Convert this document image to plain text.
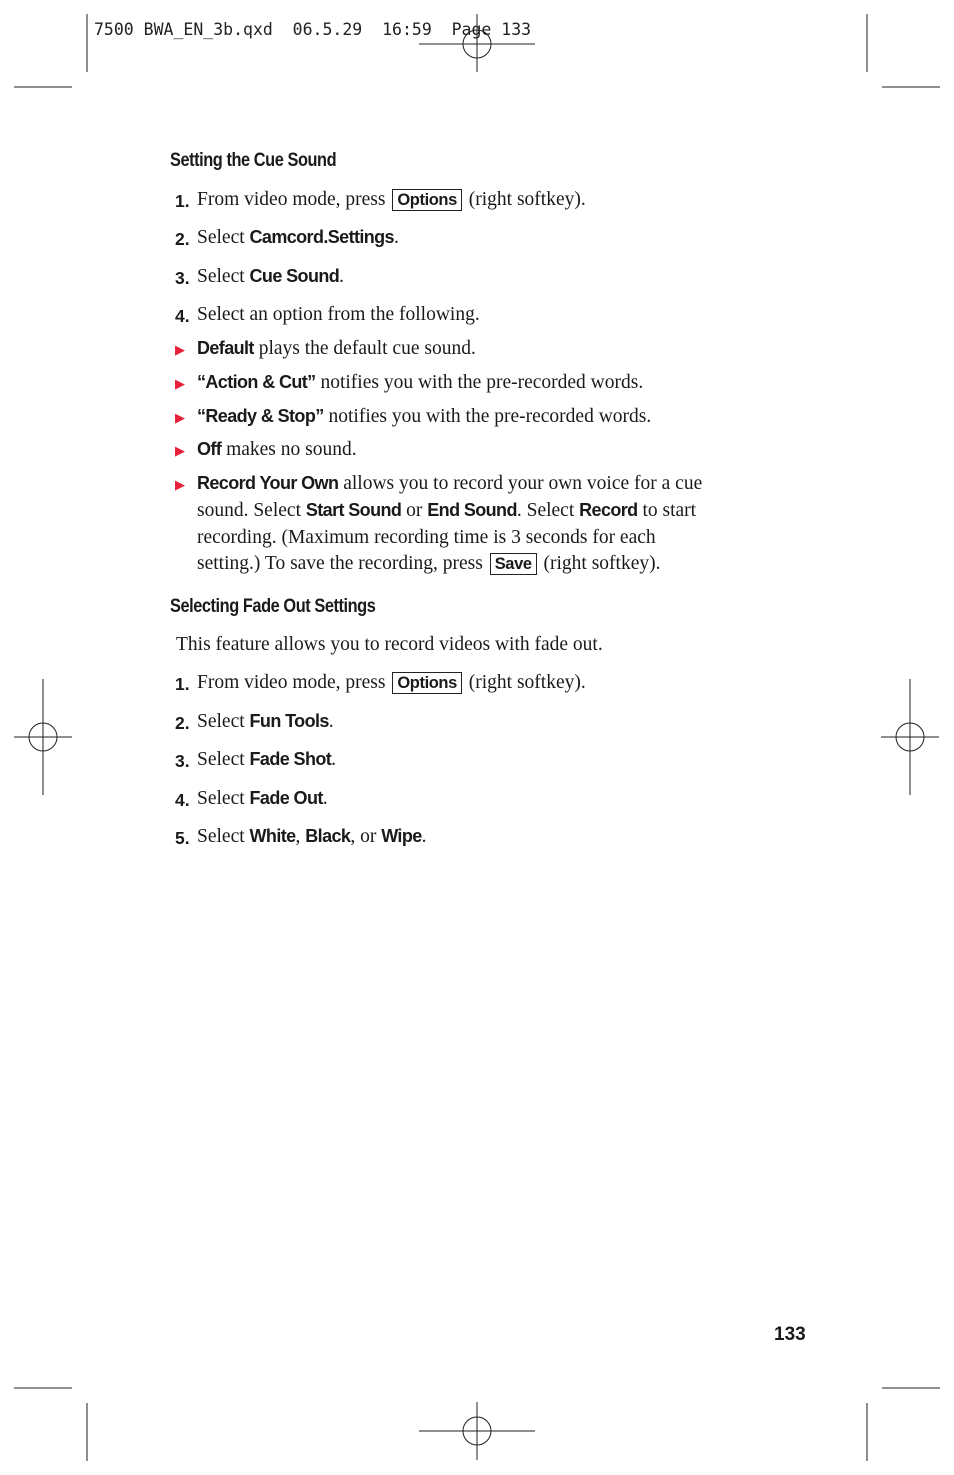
7500 BWA_EN_3b.qxd  06.5.29  16:59  Page 133
Setting the Cue Sound
1. From video mode, press Options (right softkey).
2. Select Camcord.Settings.
3. Select Cue Sound.
4. Select an option from the following.
▶ Default plays the default cue sound.
▶ “Action & Cut” notifies you with the pre-recorded words.
▶ “Ready & Stop” notifies you with the pre-recorded words.
▶ Off makes no sound.
▶ Record Your Own allows you to record your own voice for a cue
sound. Select Start Sound or End Sound. Select Record to start
recording. (Maximum recording time is 3 seconds for each
setting.) To save the recording, press Save (right softkey).
Selecting Fade Out Settings
This feature allows you to record videos with fade out.
1. From video mode, press Options (right softkey).
2. Select Fun Tools.
3. Select Fade Shot.
4. Select Fade Out.
5. Select White, Black, or Wipe.
133
